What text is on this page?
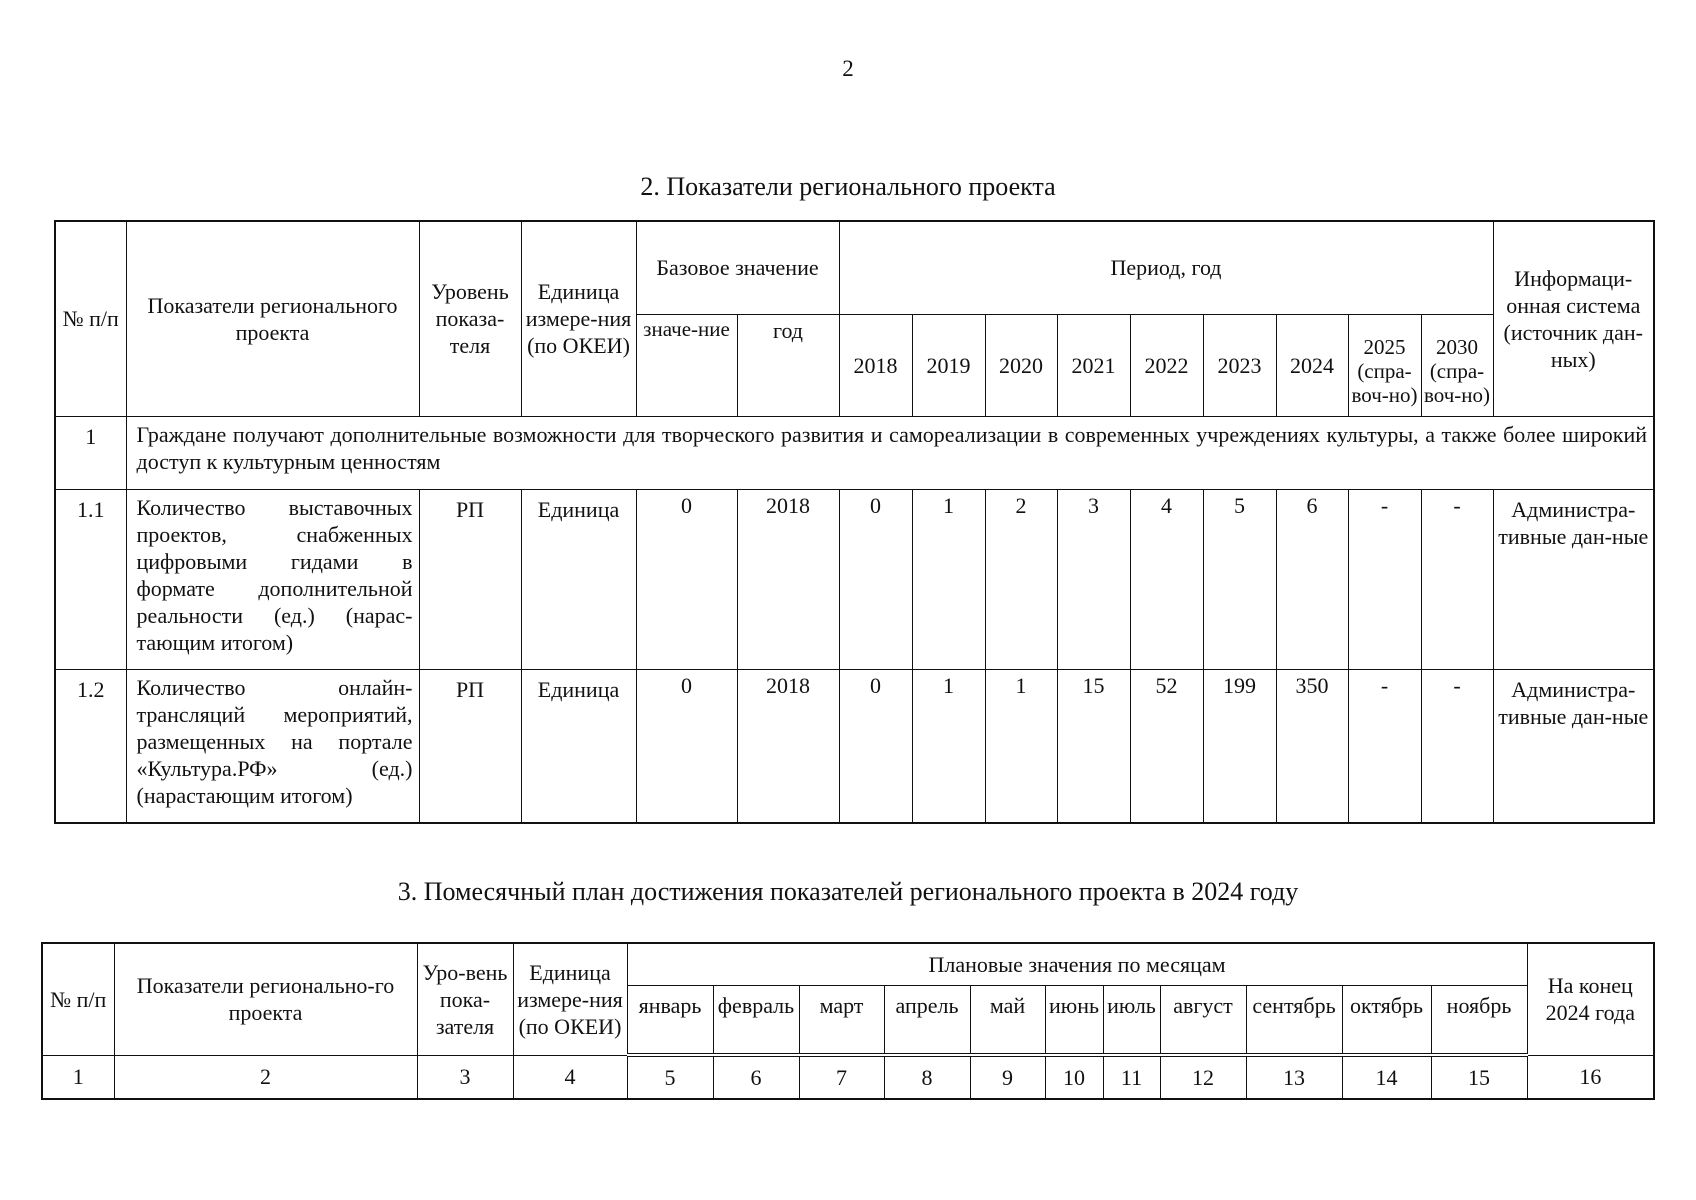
2
2. Показатели регионального проекта
№ п/п	Показатели регионального проекта	Уровень показа-теля	Единица измере-ния (по ОКЕИ)	Базовое значение		Период, год									Информаци-онная система (источник дан-ных)
				значе-ние	год	2018	2019	2020	2021	2022	2023	2024	2025 (спра-воч-но)	2030 (спра-воч-но)	
1	Граждане получают дополнительные возможности для творческого развития и самореализации в современных учреждениях культуры, а также более широкий доступ к культурным ценностям														
1.1	Количество выставочных проектов, снабженных цифровыми гидами в формате дополнительной реальности (ед.) (нарас-тающим итогом)	РП	Единица	0	2018	0	1	2	3	4	5	6	-	-	Администра-тивные дан-ные
1.2	Количество онлайн-трансляций мероприятий, размещенных на портале «Культура.РФ» (ед.) (нарастающим итогом)	РП	Единица	0	2018	0	1	1	15	52	199	350	-	-	Администра-тивные дан-ные
3. Помесячный план достижения показателей регионального проекта в 2024 году
№ п/п	Показатели регионально-го проекта	Уро-вень пока-зателя	Единица измере-ния (по ОКЕИ)	Плановые значения по месяцам											На конец 2024 года
				январь	февраль	март	апрель	май	июнь	июль	август	сентябрь	октябрь	ноябрь	
1	2	3	4	5	6	7	8	9	10	11	12	13	14	15	16
